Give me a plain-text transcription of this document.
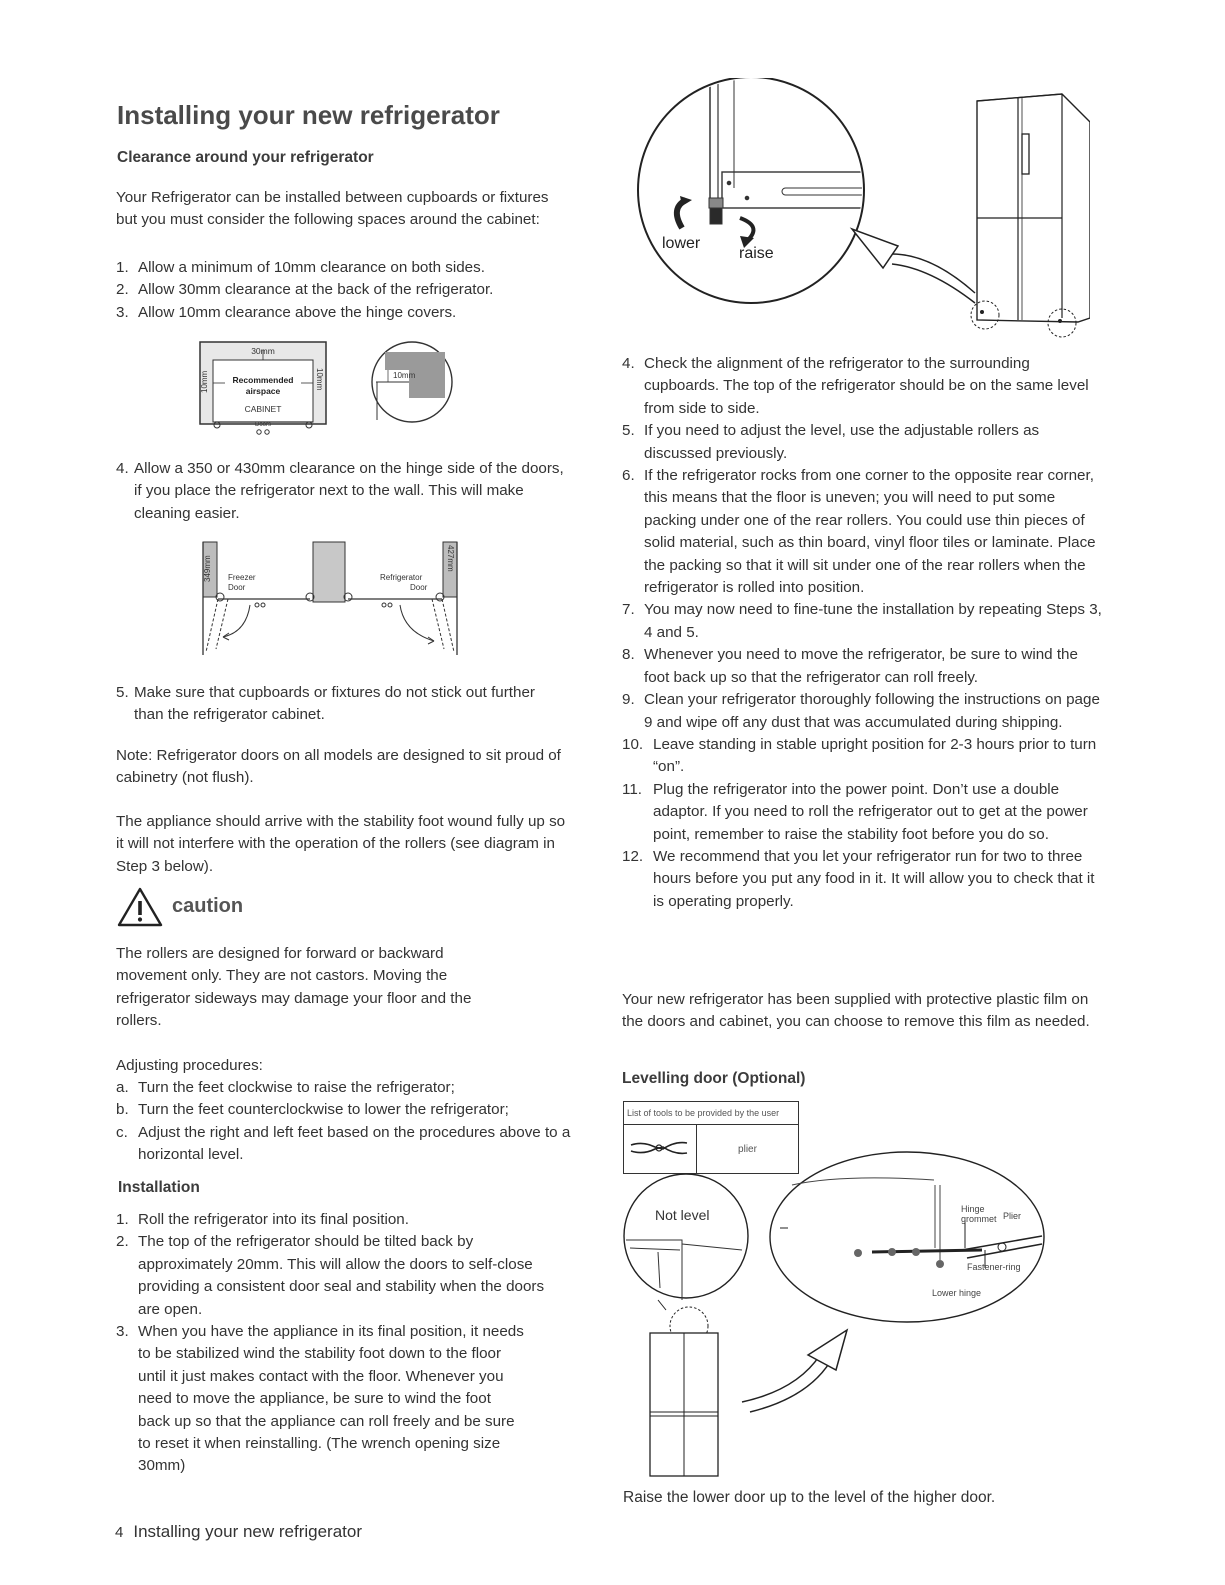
Installing your new refrigerator
Clearance around your refrigerator

Your Refrigerator can be installed between cupboards or fixtures but you must consider the following spaces around the cabinet:

1. Allow a minimum of 10mm clearance on both sides.
2. Allow 30mm clearance at the back of the refrigerator.
3. Allow 10mm clearance above the hinge covers.
30mm
10mm	10mm
Recommended
airspace
CABINET
Doors
10mm
4. Allow a 350 or 430mm clearance on the hinge side of the doors, if you place the refrigerator next to the wall. This will make cleaning easier.
349mm	427mm
Freezer
Door
Refrigerator
Door
5. Make sure that cupboards or fixtures do not stick out further than the refrigerator cabinet.

Note: Refrigerator doors on all models are designed to sit proud of cabinetry (not flush).

The appliance should arrive with the stability foot wound fully up so it will not interfere with the operation of the rollers (see diagram in Step 3 below).

caution

The rollers are designed for forward or backward movement only. They are not castors. Moving the refrigerator sideways may damage your floor and the rollers.

Adjusting procedures:

a. Turn the feet clockwise to raise the refrigerator;
b. Turn the feet counterclockwise to lower the refrigerator;
c. Adjust the right and left feet based on the procedures above to a horizontal level.
Installation
1. Roll the refrigerator into its final position.
2. The top of the refrigerator should be tilted back by approximately 20mm. This will allow the doors to self-close providing a consistent door seal and stability when the doors are open.
3. When you have the appliance in its final position, it needs to be stabilized wind the stability foot down to the floor until it just makes contact with the floor. Whenever you need to move the appliance, be sure to wind the foot back up so that the appliance can roll freely and be sure to reset it when reinstalling. (The wrench opening size 30mm)
4 Installing your new refrigerator
lower
raise
4. Check the alignment of the refrigerator to the surrounding cupboards. The top of the refrigerator should be on the same level from side to side.
5. If you need to adjust the level, use the adjustable rollers as discussed previously.
6. If the refrigerator rocks from one corner to the opposite rear corner, this means that the floor is uneven; you will need to put some packing under one of the rear rollers. You could use thin pieces of solid material, such as thin board, vinyl floor tiles or laminate. Place the packing so that it will sit under one of the rear rollers when the refrigerator is rolled into position.
7. You may now need to fine-tune the installation by repeating Steps 3, 4 and 5.
8. Whenever you need to move the refrigerator, be sure to wind the foot back up so that the refrigerator can roll freely.
9. Clean your refrigerator thoroughly following the instructions on page 9 and wipe off any dust that was accumulated during shipping.
10. Leave standing in stable upright position for 2-3 hours prior to turn “on”.
11. Plug the refrigerator into the power point. Don’t use a double adaptor. If you need to roll the refrigerator out to get at the power point, remember to raise the stability foot before you do so.
12. We recommend that you let your refrigerator run for two to three hours before you put any food in it. It will allow you to check that it is operating properly.

Your new refrigerator has been supplied with protective plastic film on the doors and cabinet, you can choose to remove this film as needed.

Levelling door (Optional)
List of tools to be provided by the user
	plier
Hinge
grommet Plier
Fastener-ring
Lower hinge
Not level

Raise the lower door up to the level of the higher door.
